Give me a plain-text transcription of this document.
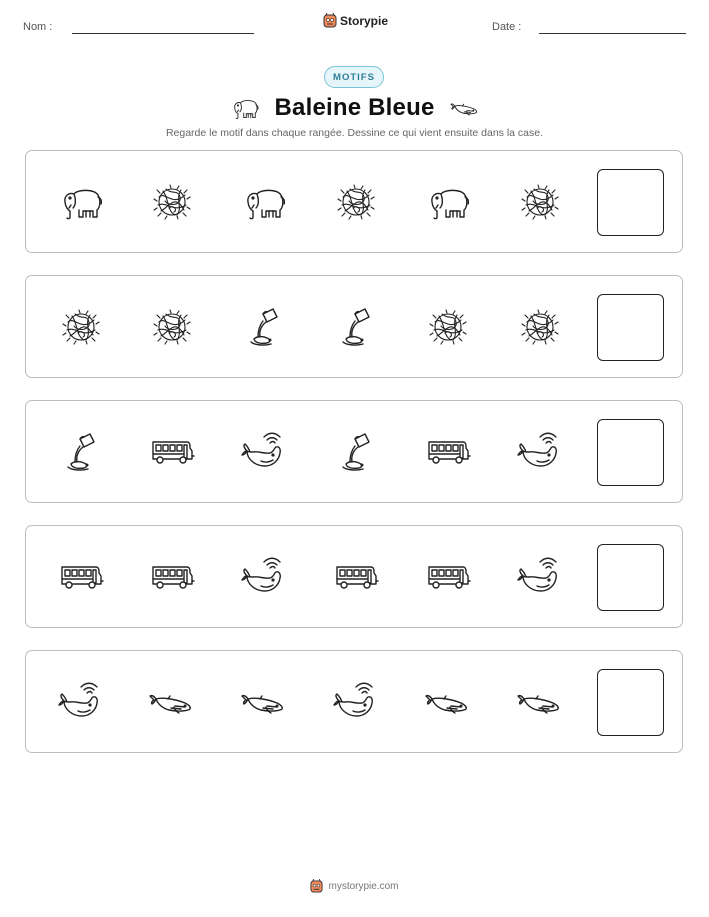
Nom :	Storypie	Date :
MOTIFS
Baleine Bleue
Regarde le motif dans chaque rangée. Dessine ce qui vient ensuite dans la case.
mystorypie.com
